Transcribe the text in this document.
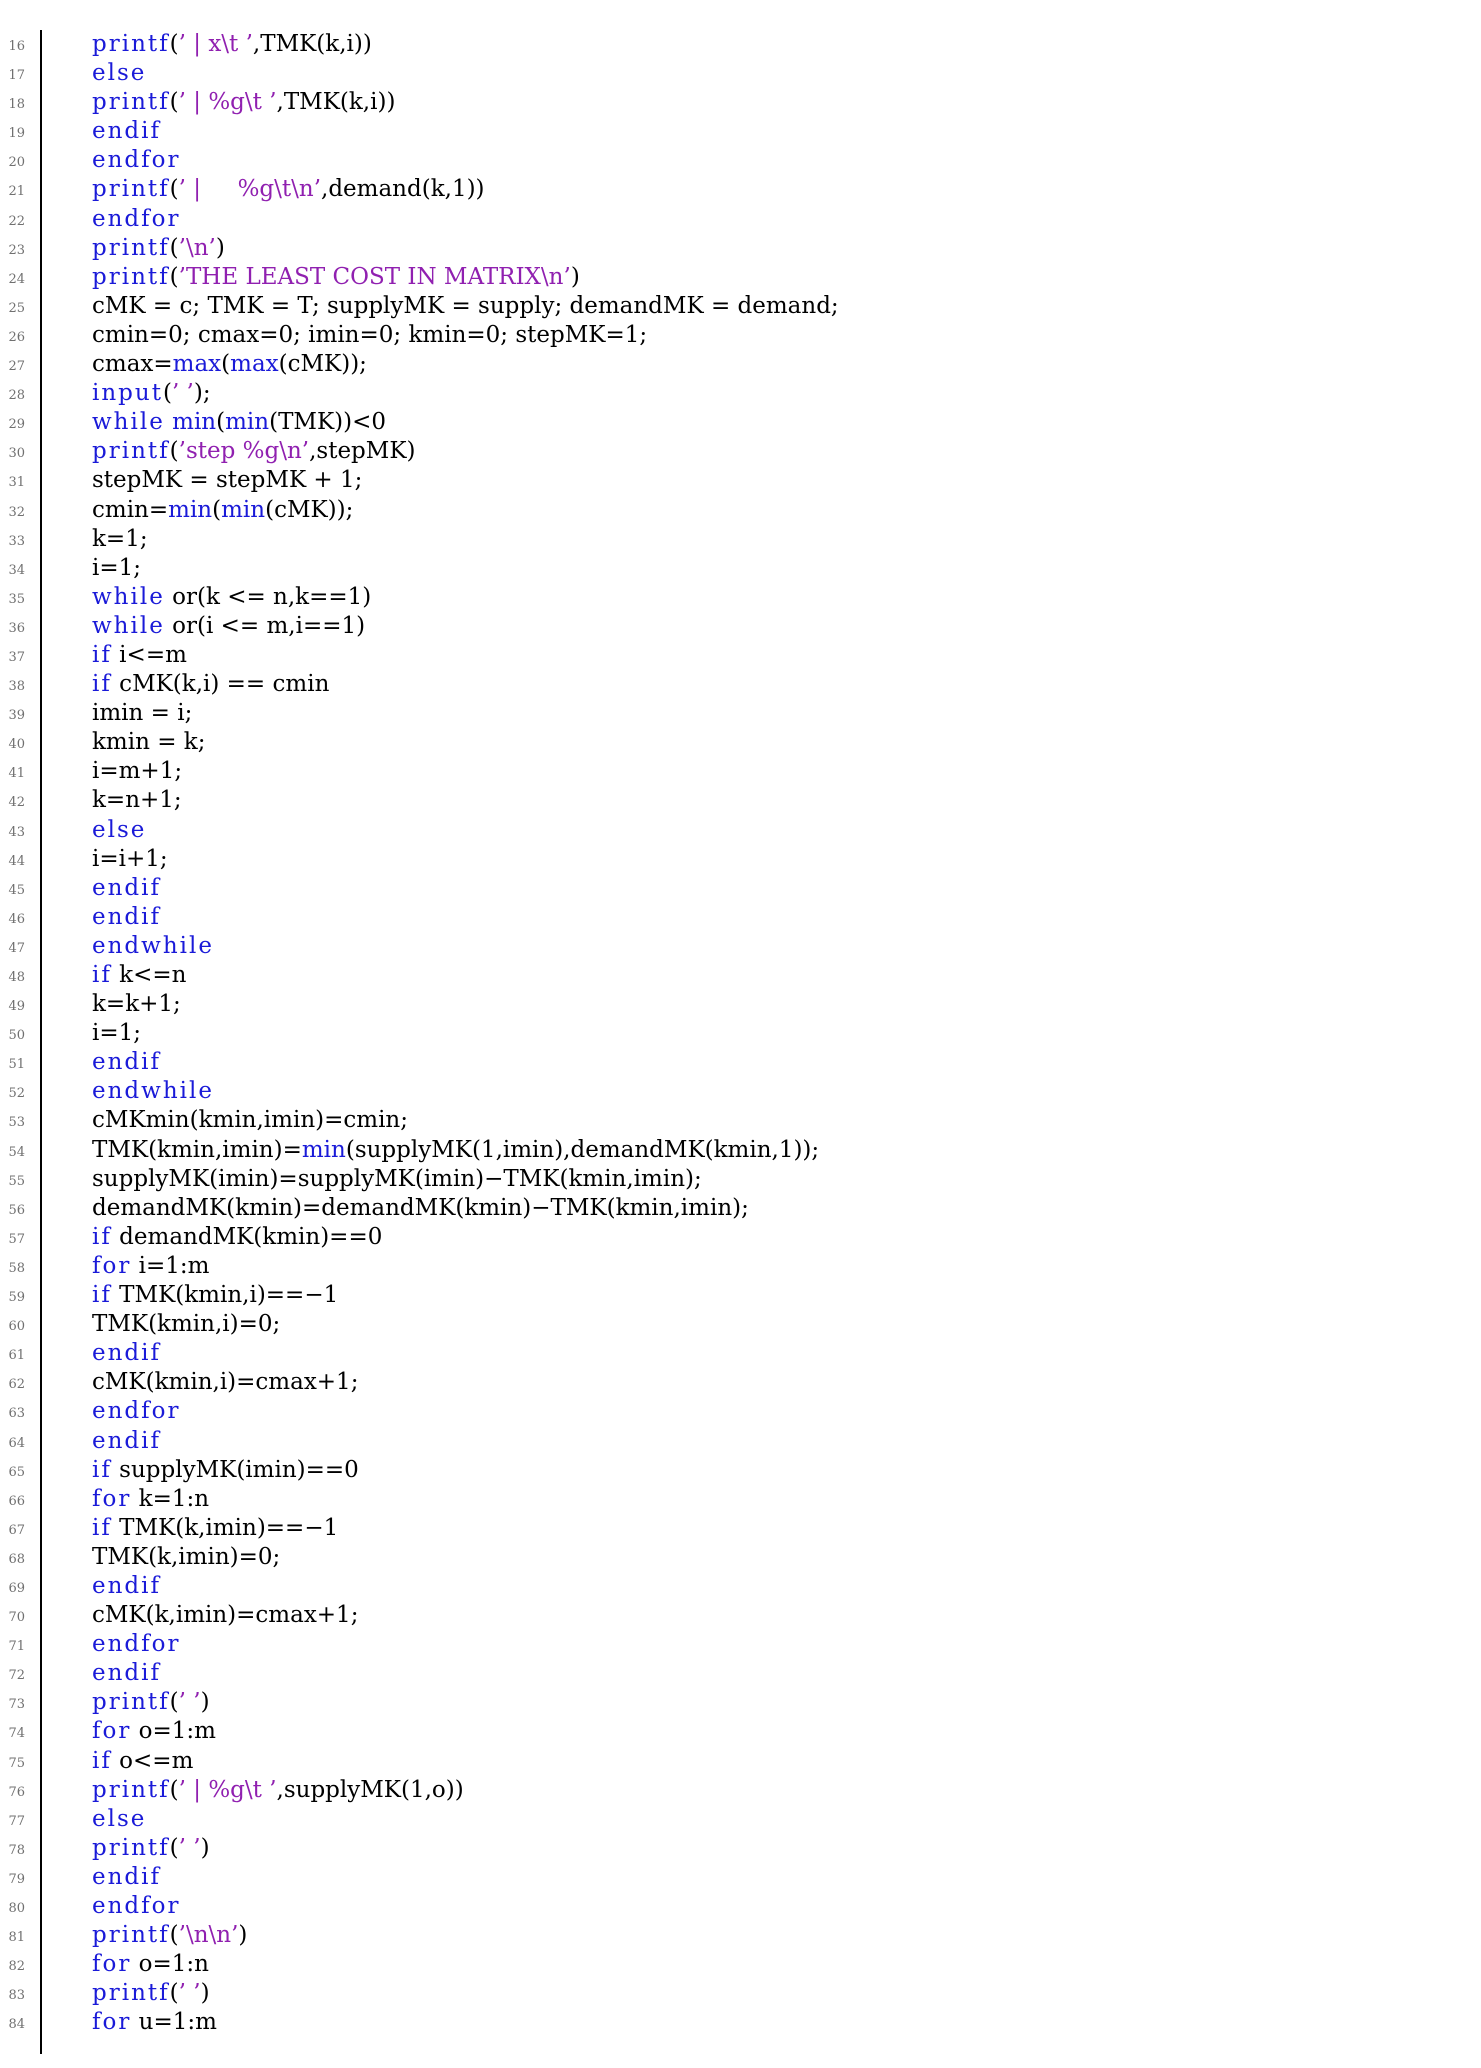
16	printf(’ | x\t ’,TMK(k,i))
17	else
18	printf(’ | %g\t ’,TMK(k,i))
19	endif
20	endfor
21	printf(’ |     %g\t\n’,demand(k,1))
22	endfor
23	printf(’\n’)
24	printf(’THE LEAST COST IN MATRIX\n’)
25	cMK = c; TMK = T; supplyMK = supply; demandMK = demand;
26	cmin=0; cmax=0; imin=0; kmin=0; stepMK=1;
27	cmax=max(max(cMK));
28	input(’ ’);
29	while min(min(TMK))<0
30	printf(’step %g\n’,stepMK)
31	stepMK = stepMK + 1;
32	cmin=min(min(cMK));
33	k=1;
34	i=1;
35	while or(k <= n,k==1)
36	while or(i <= m,i==1)
37	if i<=m
38	if cMK(k,i) == cmin
39	imin = i;
40	kmin = k;
41	i=m+1;
42	k=n+1;
43	else
44	i=i+1;
45	endif
46	endif
47	endwhile
48	if k<=n
49	k=k+1;
50	i=1;
51	endif
52	endwhile
53	cMKmin(kmin,imin)=cmin;
54	TMK(kmin,imin)=min(supplyMK(1,imin),demandMK(kmin,1));
55	supplyMK(imin)=supplyMK(imin)−TMK(kmin,imin);
56	demandMK(kmin)=demandMK(kmin)−TMK(kmin,imin);
57	if demandMK(kmin)==0
58	for i=1:m
59	if TMK(kmin,i)==−1
60	TMK(kmin,i)=0;
61	endif
62	cMK(kmin,i)=cmax+1;
63	endfor
64	endif
65	if supplyMK(imin)==0
66	for k=1:n
67	if TMK(k,imin)==−1
68	TMK(k,imin)=0;
69	endif
70	cMK(k,imin)=cmax+1;
71	endfor
72	endif
73	printf(’ ’)
74	for o=1:m
75	if o<=m
76	printf(’ | %g\t ’,supplyMK(1,o))
77	else
78	printf(’ ’)
79	endif
80	endfor
81	printf(’\n\n’)
82	for o=1:n
83	printf(’ ’)
84	for u=1:m
